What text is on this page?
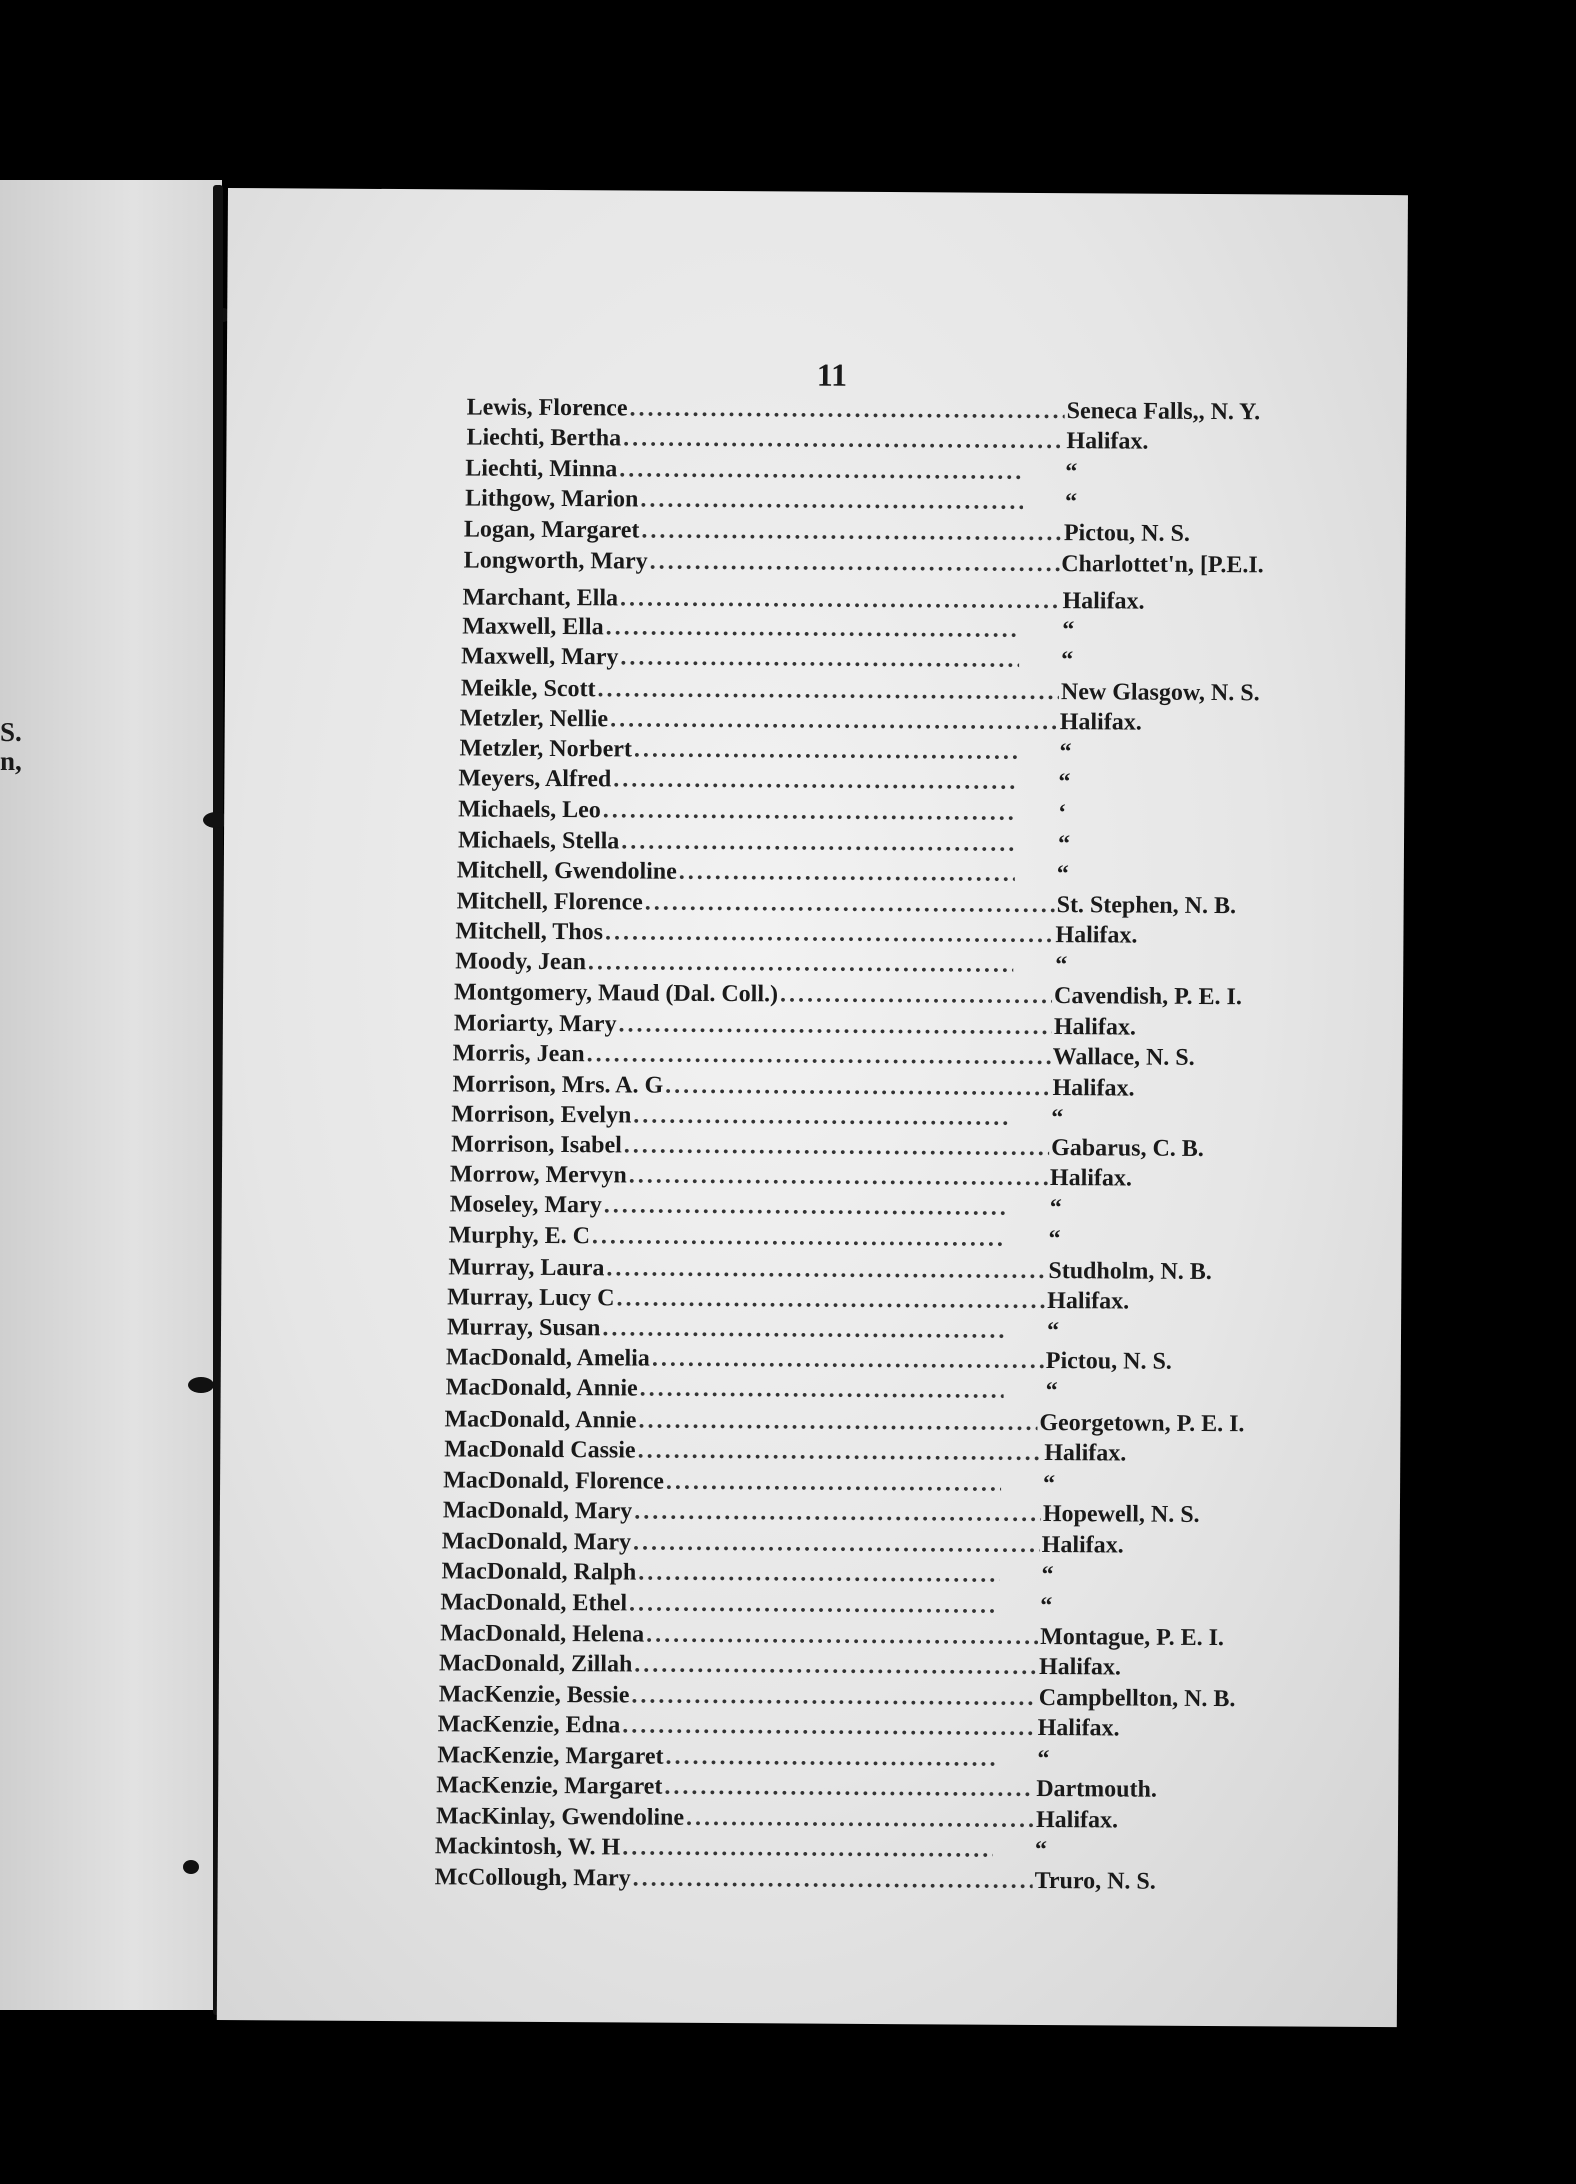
S.
n,
11
Lewis, Florence .....	Seneca Falls,, N. Y.
Liechti, Bertha .....	Halifax.
Liechti, Minna .....	“
Lithgow, Marion .....	“
Logan, Margaret .....	Pictou, N. S.
Longworth, Mary .....	Charlottet'n, [P.E.I.
Marchant, Ella .....	Halifax.
Maxwell, Ella .....	“
Maxwell, Mary .....	“
Meikle, Scott .....	New Glasgow, N. S.
Metzler, Nellie .....	Halifax.
Metzler, Norbert .....	“
Meyers, Alfred .....	“
Michaels, Leo .....	‘
Michaels, Stella .....	“
Mitchell, Gwendoline .....	“
Mitchell, Florence .....	St. Stephen, N. B.
Mitchell, Thos .....	Halifax.
Moody, Jean .....	“
Montgomery, Maud (Dal. Coll.) .....	Cavendish, P. E. I.
Moriarty, Mary .....	Halifax.
Morris, Jean .....	Wallace, N. S.
Morrison, Mrs. A. G .....	Halifax.
Morrison, Evelyn .....	“
Morrison, Isabel .....	Gabarus, C. B.
Morrow, Mervyn .....	Halifax.
Moseley, Mary .....	“
Murphy, E. C .....	“
Murray, Laura .....	Studholm, N. B.
Murray, Lucy C .....	Halifax.
Murray, Susan .....	“
MacDonald, Amelia .....	Pictou, N. S.
MacDonald, Annie .....	“
MacDonald, Annie .....	Georgetown, P. E. I.
MacDonald Cassie .....	Halifax.
MacDonald, Florence .....	“
MacDonald, Mary .....	Hopewell, N. S.
MacDonald, Mary .....	Halifax.
MacDonald, Ralph .....	“
MacDonald, Ethel .....	“
MacDonald, Helena .....	Montague, P. E. I.
MacDonald, Zillah .....	Halifax.
MacKenzie, Bessie .....	Campbellton, N. B.
MacKenzie, Edna .....	Halifax.
MacKenzie, Margaret .....	“
MacKenzie, Margaret .....	Dartmouth.
MacKinlay, Gwendoline .....	Halifax.
Mackintosh, W. H .....	“
McCollough, Mary .....	Truro, N. S.
